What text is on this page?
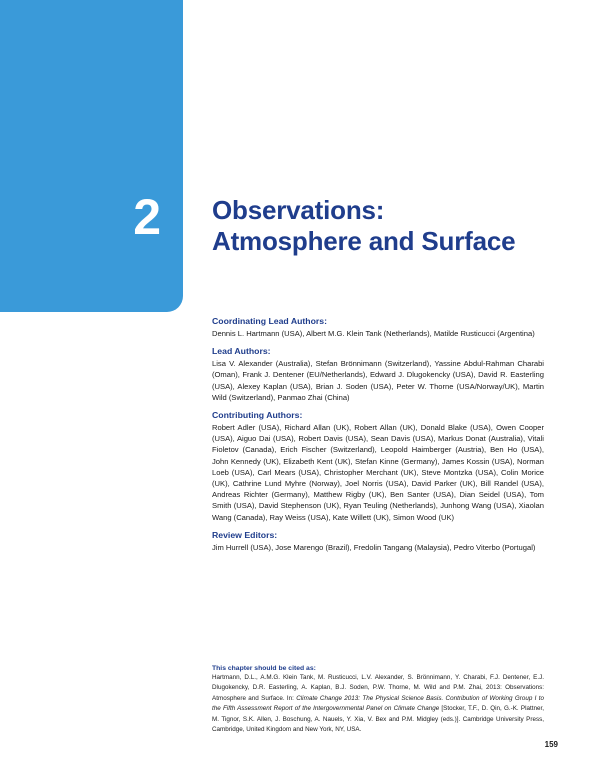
2 Observations:
Atmosphere and Surface
Coordinating Lead Authors:
Dennis L. Hartmann (USA), Albert M.G. Klein Tank (Netherlands), Matilde Rusticucci (Argentina)
Lead Authors:
Lisa V. Alexander (Australia), Stefan Brönnimann (Switzerland), Yassine Abdul-Rahman Charabi (Oman), Frank J. Dentener (EU/Netherlands), Edward J. Dlugokencky (USA), David R. Easterling (USA), Alexey Kaplan (USA), Brian J. Soden (USA), Peter W. Thorne (USA/Norway/UK), Martin Wild (Switzerland), Panmao Zhai (China)
Contributing Authors:
Robert Adler (USA), Richard Allan (UK), Robert Allan (UK), Donald Blake (USA), Owen Cooper (USA), Aiguo Dai (USA), Robert Davis (USA), Sean Davis (USA), Markus Donat (Australia), Vitali Fioletov (Canada), Erich Fischer (Switzerland), Leopold Haimberger (Austria), Ben Ho (USA), John Kennedy (UK), Elizabeth Kent (UK), Stefan Kinne (Germany), James Kossin (USA), Norman Loeb (USA), Carl Mears (USA), Christopher Merchant (UK), Steve Montzka (USA), Colin Morice (UK), Cathrine Lund Myhre (Norway), Joel Norris (USA), David Parker (UK), Bill Randel (USA), Andreas Richter (Germany), Matthew Rigby (UK), Ben Santer (USA), Dian Seidel (USA), Tom Smith (USA), David Stephenson (UK), Ryan Teuling (Netherlands), Junhong Wang (USA), Xiaolan Wang (Canada), Ray Weiss (USA), Kate Willett (UK), Simon Wood (UK)
Review Editors:
Jim Hurrell (USA), Jose Marengo (Brazil), Fredolin Tangang (Malaysia), Pedro Viterbo (Portugal)
This chapter should be cited as:
Hartmann, D.L., A.M.G. Klein Tank, M. Rusticucci, L.V. Alexander, S. Brönnimann, Y. Charabi, F.J. Dentener, E.J. Dlugokencky, D.R. Easterling, A. Kaplan, B.J. Soden, P.W. Thorne, M. Wild and P.M. Zhai, 2013: Observations: Atmosphere and Surface. In: Climate Change 2013: The Physical Science Basis. Contribution of Working Group I to the Fifth Assessment Report of the Intergovernmental Panel on Climate Change [Stocker, T.F., D. Qin, G.-K. Plattner, M. Tignor, S.K. Allen, J. Boschung, A. Nauels, Y. Xia, V. Bex and P.M. Midgley (eds.)]. Cambridge University Press, Cambridge, United Kingdom and New York, NY, USA.
159
